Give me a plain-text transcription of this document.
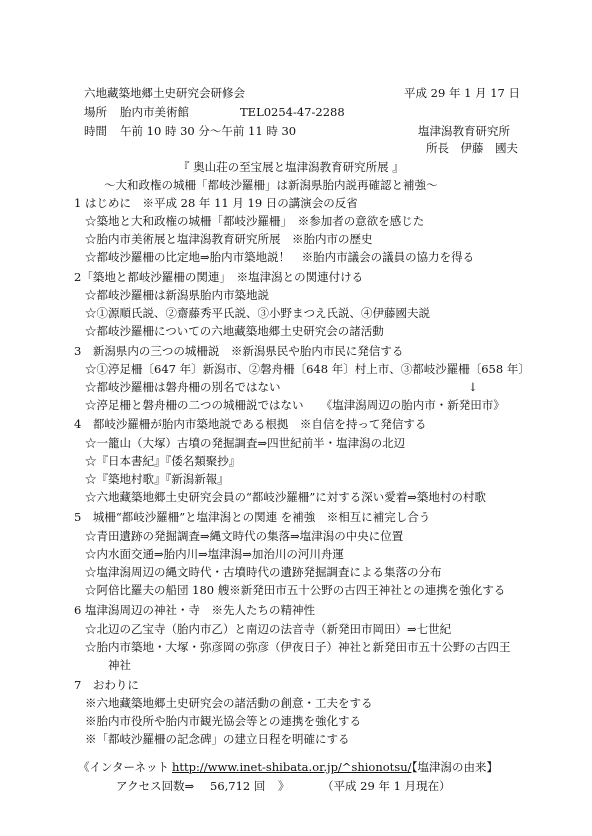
六地藏築地郷土史研究会研修会	平成 29 年 1 月 17 日
場所 胎内市美術館	TEL0254-47-2288
時間 午前 10 時 30 分～午前 11 時 30	塩津潟教育研究所
所長　伊藤　國夫
『 奥山荘の至宝展と塩津潟教育研究所展 』
～大和政権の城柵「都岐沙羅柵」は新潟県胎内説再確認と補強～
1 はじめに　※平成 28 年 11 月 19 日の講演会の反省
☆築地と大和政権の城柵「都岐沙羅柵」　※参加者の意欲を感じた
☆胎内市美術展と塩津潟教育研究所展　※胎内市の歴史
☆都岐沙羅柵の比定地⇒胎内市築地説！　※胎内市議会の議員の協力を得る
2「築地と都岐沙羅柵の関連」　※塩津潟との関連付ける
☆都岐沙羅柵は新潟県胎内市築地説
☆①源順氏説、②齋藤秀平氏説、③小野まつえ氏説、④伊藤國夫説
☆都岐沙羅柵についての六地藏築地郷土史研究会の諸活動
3　新潟県内の三つの城柵説　※新潟県民や胎内市民に発信する
☆①渟足柵〔647 年〕新潟市、②磐舟柵〔648 年〕村上市、③都岐沙羅柵〔658 年〕
☆都岐沙羅柵は磐舟柵の別名ではない	↓
☆渟足柵と磐舟柵の二つの城柵説ではない　　《塩津潟周辺の胎内市・新発田市》
4　都岐沙羅柵が胎内市築地説である根拠　※自信を持って発信する
☆一籠山（大塚）古墳の発掘調査⇒四世紀前半・塩津潟の北辺
☆『日本書紀』『倭名類聚抄』
☆『築地村歌』『新潟新報』
☆六地藏築地郷土史研究会員の“都岐沙羅柵”に対する深い愛着⇒築地村の村歌
5　城柵“都岐沙羅柵”と塩津潟との関連 を補強　※相互に補完し合う
☆青田遺跡の発掘調査⇒縄文時代の集落⇒塩津潟の中央に位置
☆内水面交通⇒胎内川⇒塩津潟⇒加治川の河川舟運
☆塩津潟周辺の縄文時代・古墳時代の遺跡発掘調査による集落の分布
☆阿倍比羅夫の船団 180 艘※新発田市五十公野の古四王神社との連携を強化する
6 塩津潟周辺の神社・寺　※先人たちの精神性
☆北辺の乙宝寺（胎内市乙）と南辺の法音寺（新発田市岡田）⇒七世紀
☆胎内市築地・大塚・弥彦岡の弥彦（伊夜日子）神社と新発田市五十公野の古四王
神社
7　おわりに
※六地藏築地郷土史研究会の諸活動の創意・工夫をする
※胎内市役所や胎内市観光協会等との連携を強化する
※「都岐沙羅柵の記念碑」の建立日程を明確にする
《インターネット http://www.inet-shibata.or.jp/^shionotsu/
【塩津潟の由来】
アクセス回数⇒ 56,712 回 》	（平成 29 年 1 月現在）
